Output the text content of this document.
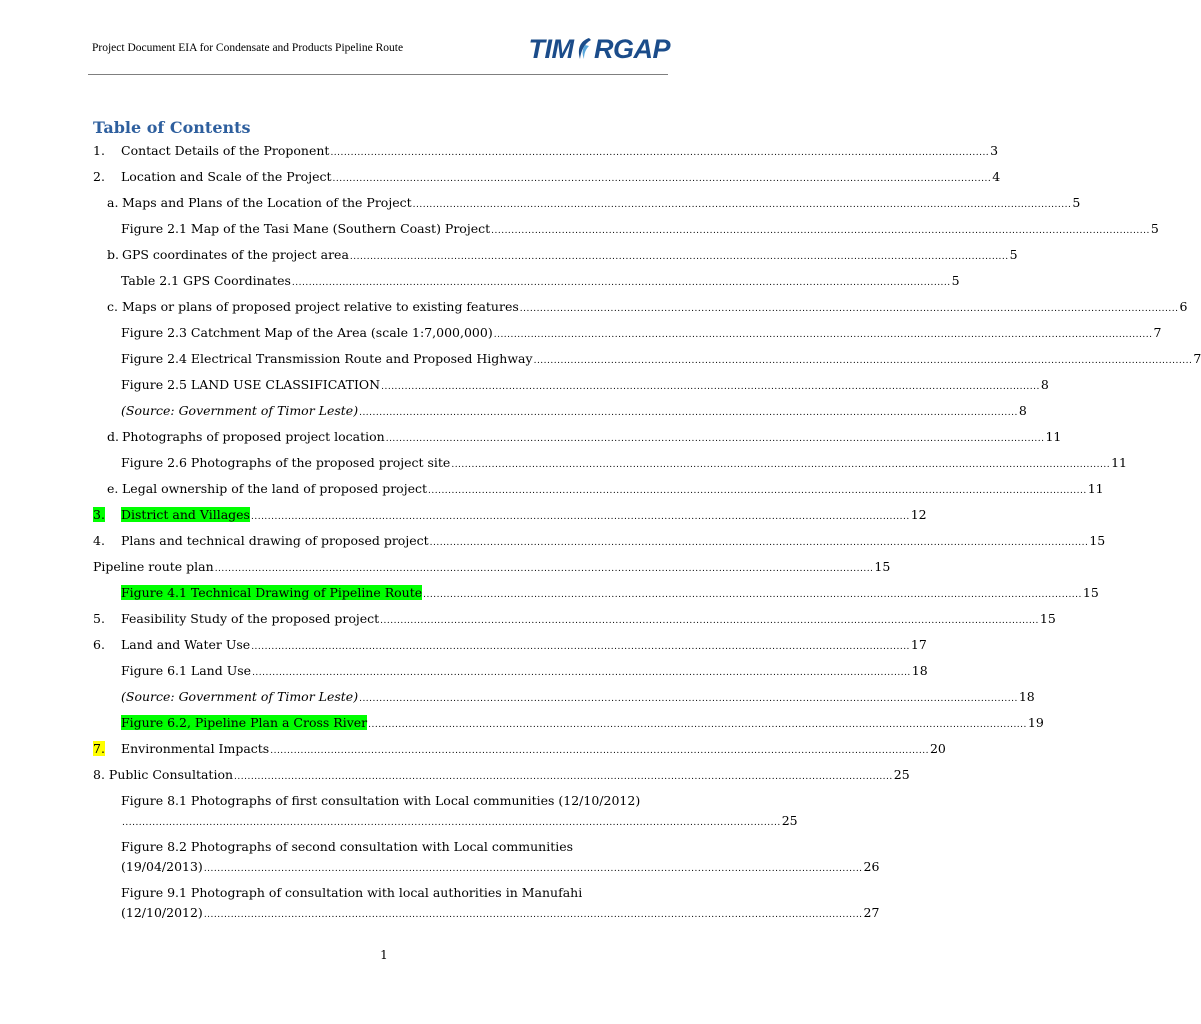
Project Document EIA for Condensate and Products Pipeline Route	TIM RGAP
Table of Contents
1. Contact Details of the Proponent .................................................................................................................................................................................................... 3
2. Location and Scale of the Project .................................................................................................................................................................................................... 4
a. Maps and Plans of the Location of the Project .................................................................................................................................................................................................... 5
Figure 2.1 Map of the Tasi Mane (Southern Coast) Project .................................................................................................................................................................................................... 5
b. GPS coordinates of the project area .................................................................................................................................................................................................... 5
Table 2.1 GPS Coordinates .................................................................................................................................................................................................... 5
c. Maps or plans of proposed project relative to existing features .................................................................................................................................................................................................... 6
Figure 2.3 Catchment Map of the Area (scale 1:7,000,000) .................................................................................................................................................................................................... 7
Figure 2.4 Electrical Transmission Route and Proposed Highway .................................................................................................................................................................................................... 7
Figure 2.5 LAND USE CLASSIFICATION .................................................................................................................................................................................................... 8
(Source: Government of Timor Leste) .................................................................................................................................................................................................... 8
d. Photographs of proposed project location .................................................................................................................................................................................................... 11
Figure 2.6 Photographs of the proposed project site .................................................................................................................................................................................................... 11
e. Legal ownership of the land of proposed project .................................................................................................................................................................................................... 11
3. District and Villages .................................................................................................................................................................................................... 12
4. Plans and technical drawing of proposed project .................................................................................................................................................................................................... 15
Pipeline route plan .................................................................................................................................................................................................... 15
Figure 4.1 Technical Drawing of Pipeline Route .................................................................................................................................................................................................... 15
5. Feasibility Study of the proposed project .................................................................................................................................................................................................... 15
6. Land and Water Use .................................................................................................................................................................................................... 17
Figure 6.1 Land Use .................................................................................................................................................................................................... 18
(Source: Government of Timor Leste) .................................................................................................................................................................................................... 18
Figure 6.2, Pipeline Plan a Cross River .................................................................................................................................................................................................... 19
7. Environmental Impacts .................................................................................................................................................................................................... 20
8. Public Consultation .................................................................................................................................................................................................... 25
Figure 8.1 Photographs of first consultation with Local communities (12/10/2012)
.................................................................................................................................................................................................... 25
Figure 8.2 Photographs of second consultation with Local communities
(19/04/2013) .................................................................................................................................................................................................... 26
Figure 9.1 Photograph of consultation with local authorities in Manufahi
(12/10/2012) .................................................................................................................................................................................................... 27
1
